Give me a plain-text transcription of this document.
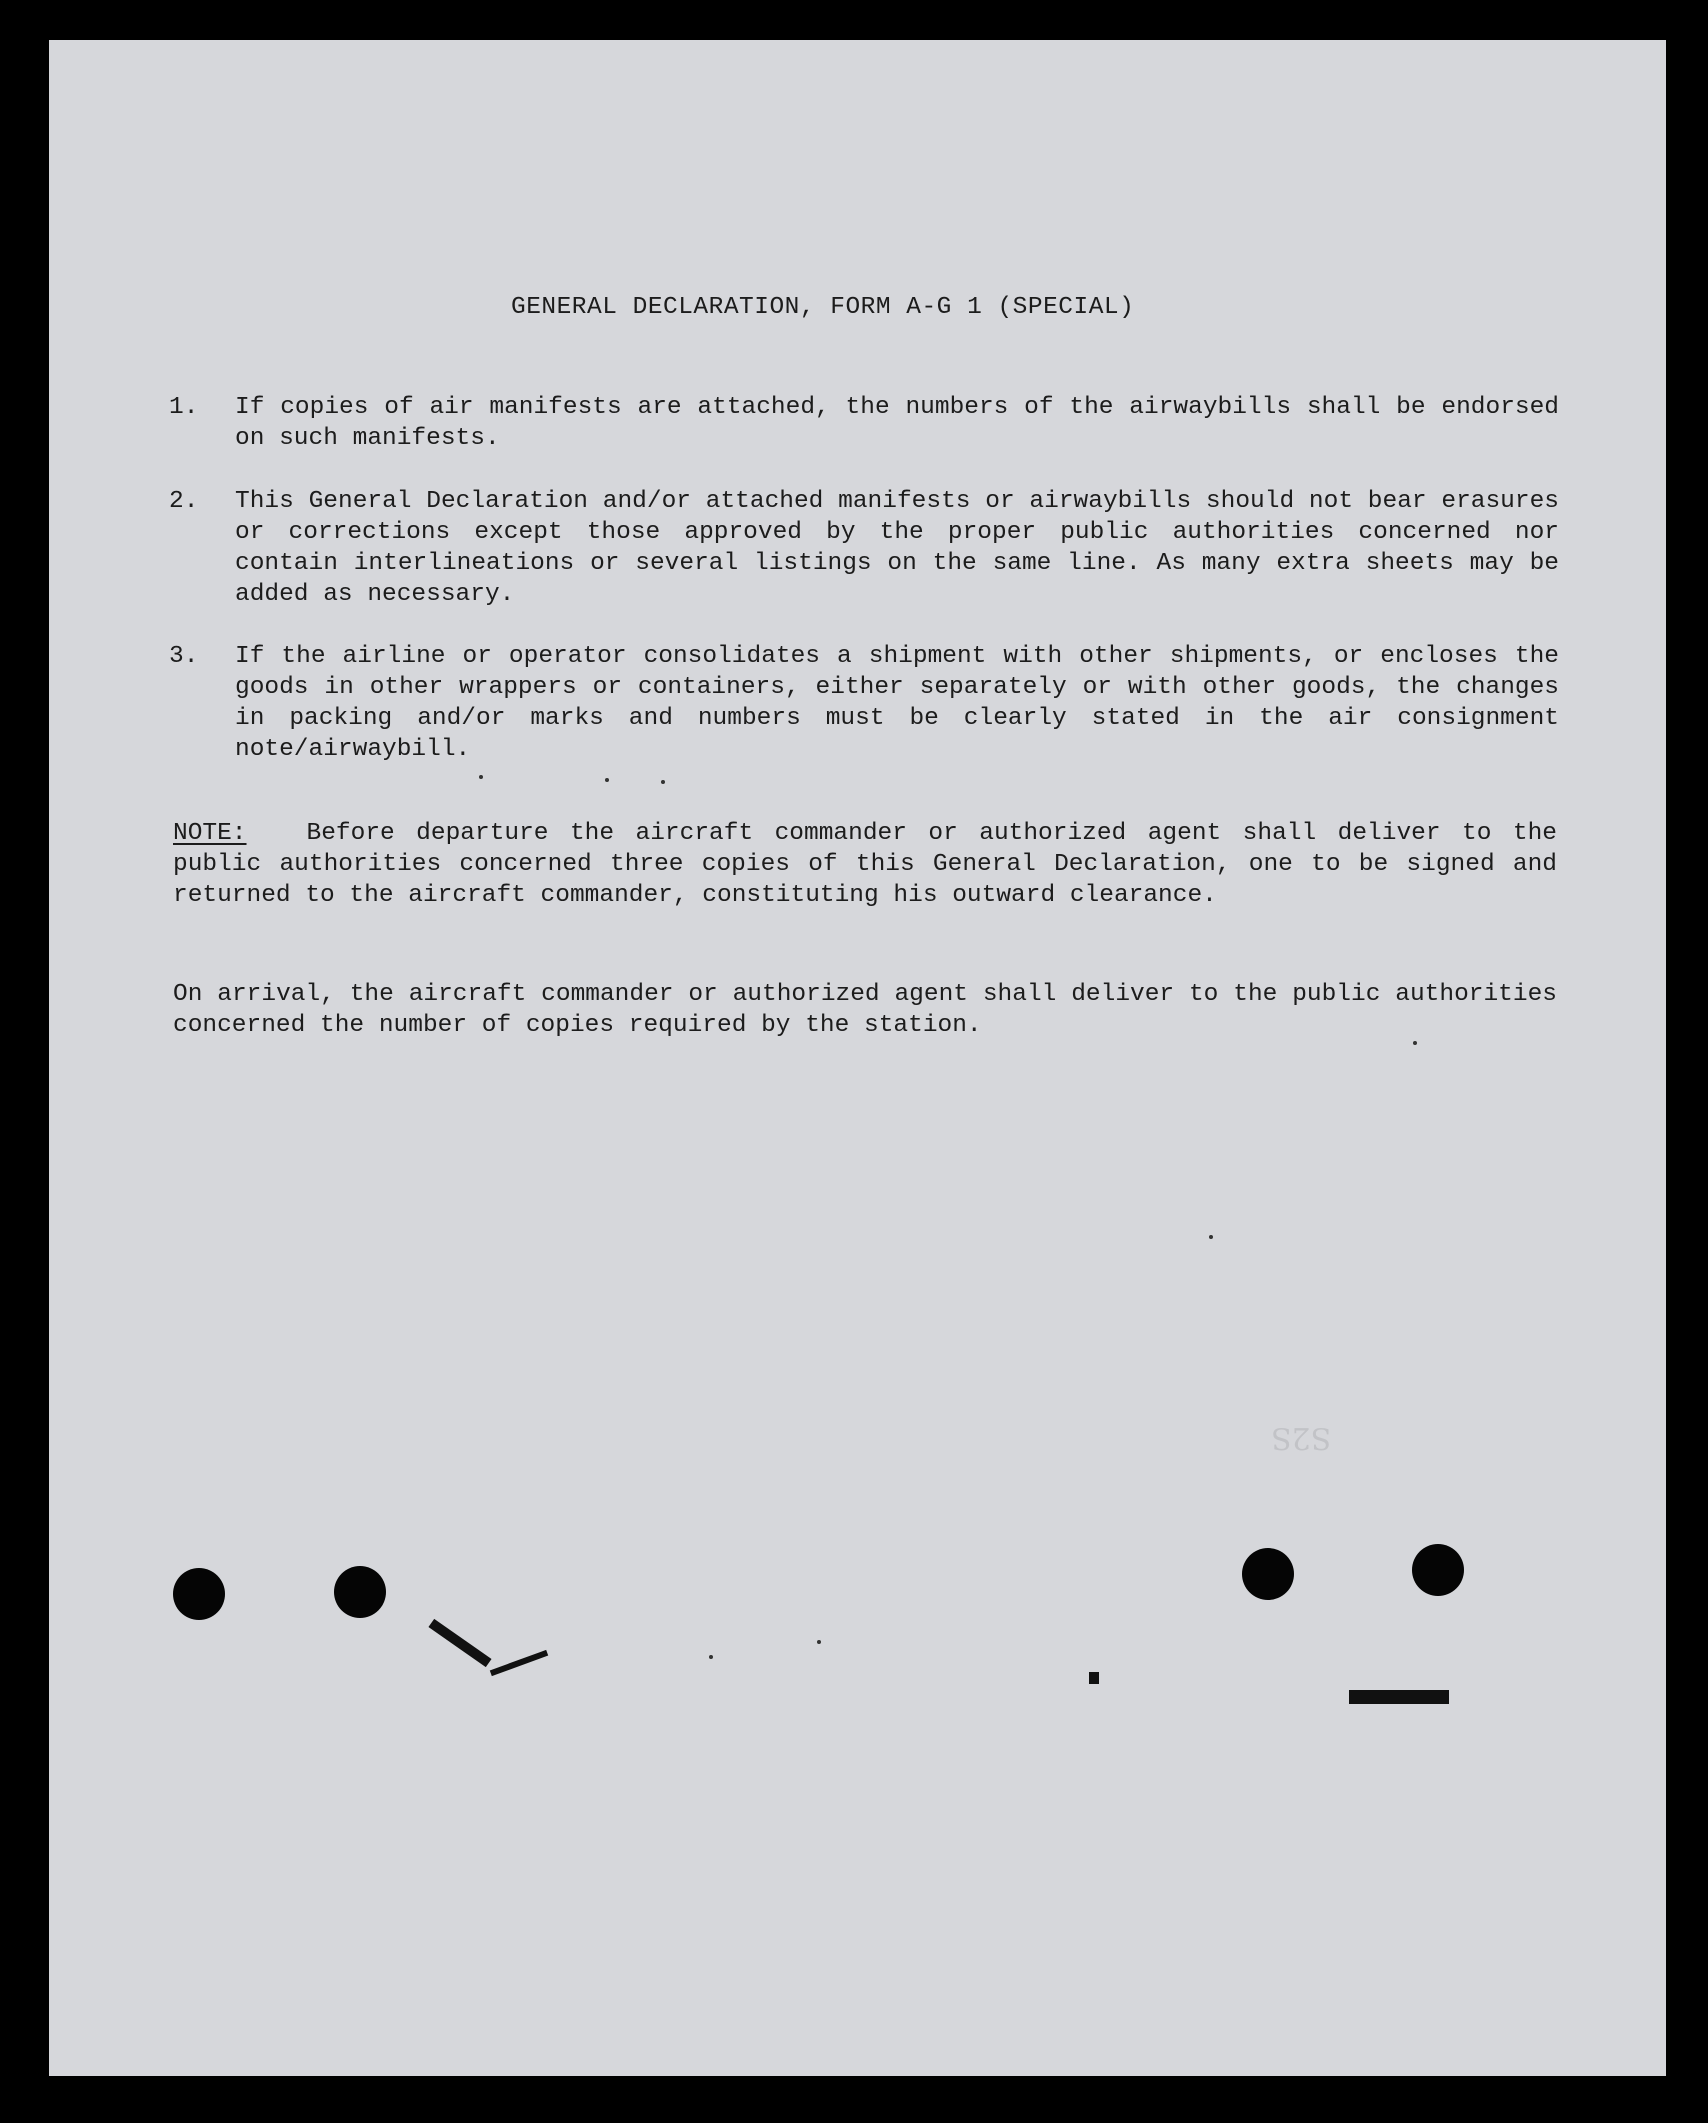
GENERAL DECLARATION, FORM A-G 1 (SPECIAL)
1. If copies of air manifests are attached, the numbers of the airwaybills shall be endorsed on such manifests.
2. This General Declaration and/or attached manifests or airwaybills should not bear erasures or corrections except those approved by the proper public authorities concerned nor contain interlineations or several listings on the same line. As many extra sheets may be added as necessary.
3. If the airline or operator consolidates a shipment with other shipments, or encloses the goods in other wrappers or containers, either separately or with other goods, the changes in packing and/or marks and numbers must be clearly stated in the air consignment note/airwaybill.

NOTE: Before departure the aircraft commander or authorized agent shall deliver to the public authorities concerned three copies of this General Declaration, one to be signed and returned to the aircraft commander, constituting his outward clearance.

On arrival, the aircraft commander or authorized agent shall deliver to the public authorities concerned the number of copies required by the station.

S2S
